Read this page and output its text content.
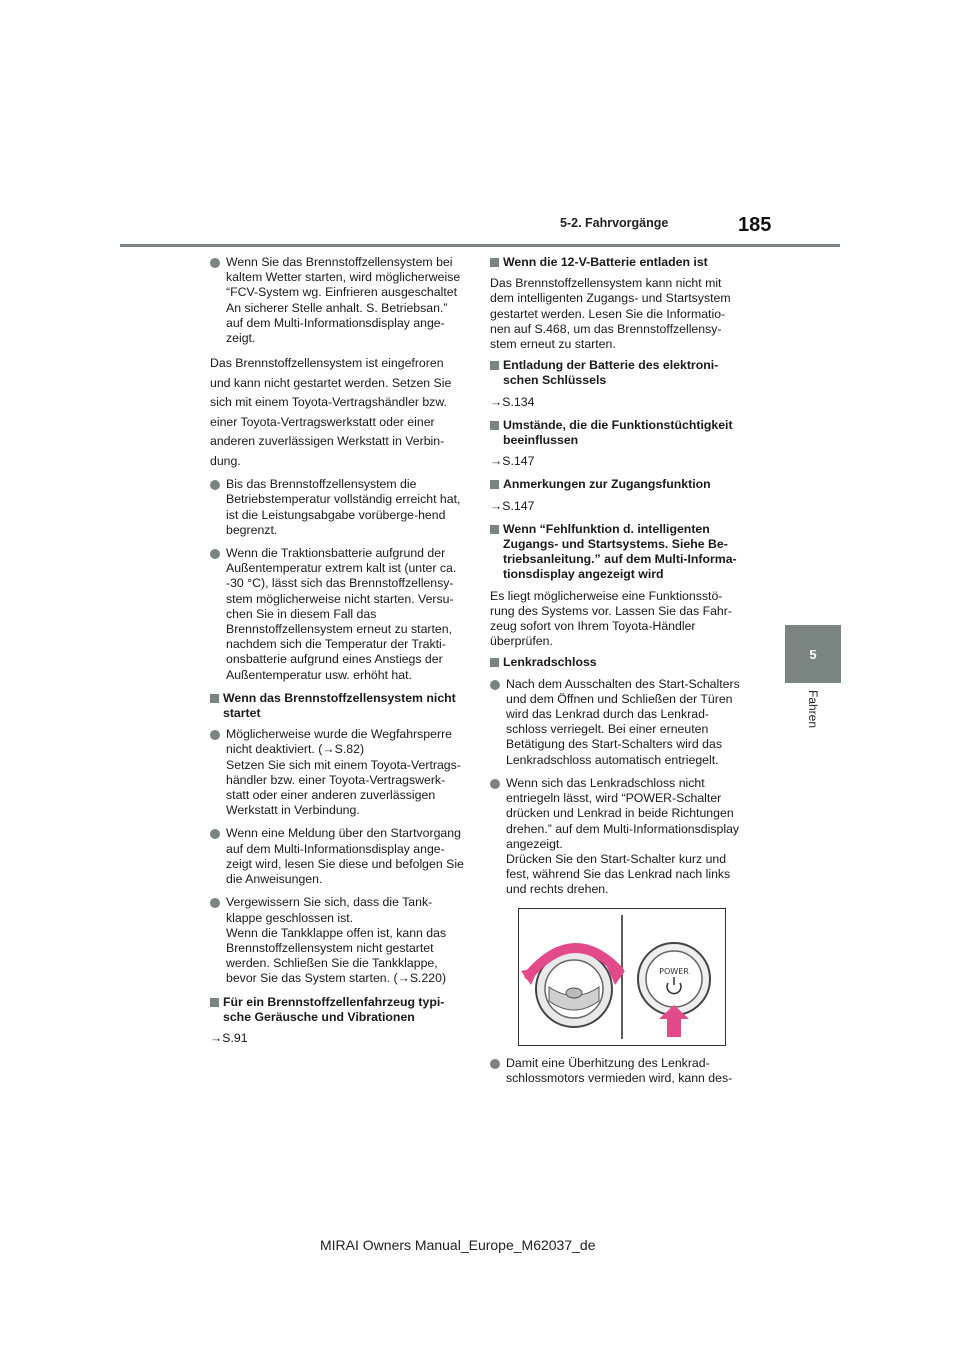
5-2. Fahrvorgänge	185
5
Fahren
Wenn Sie das Brennstoffzellensystem bei kaltem Wetter starten, wird möglicherweise “FCV-System wg. Einfrieren ausgeschaltet An sicherer Stelle anhalt. S. Betriebsan.” auf dem Multi-Informationsdisplay ange-zeigt.

Das Brennstoffzellensystem ist eingefroren und kann nicht gestartet werden. Setzen Sie sich mit einem Toyota-Vertragshändler bzw. einer Toyota-Vertragswerkstatt oder einer anderen zuverlässigen Werkstatt in Verbin-dung.

Bis das Brennstoffzellensystem die Betriebstemperatur vollständig erreicht hat, ist die Leistungsabgabe vorüberge-hend begrenzt.
Wenn die Traktionsbatterie aufgrund der Außentemperatur extrem kalt ist (unter ca. -30 °C), lässt sich das Brennstoffzellensy-stem möglicherweise nicht starten. Versu-chen Sie in diesem Fall das Brennstoffzellensystem erneut zu starten, nachdem sich die Temperatur der Trakti-onsbatterie aufgrund eines Anstiegs der Außentemperatur usw. erhöht hat.
Wenn das Brennstoffzellensystem nicht startet
Möglicherweise wurde die Wegfahrsperre nicht deaktiviert. (→S.82)
Setzen Sie sich mit einem Toyota-Vertrags-händler bzw. einer Toyota-Vertragswerk-statt oder einer anderen zuverlässigen Werkstatt in Verbindung.
Wenn eine Meldung über den Startvorgang auf dem Multi-Informationsdisplay ange-zeigt wird, lesen Sie diese und befolgen Sie die Anweisungen.
Vergewissern Sie sich, dass die Tank-klappe geschlossen ist.
Wenn die Tankklappe offen ist, kann das Brennstoffzellensystem nicht gestartet werden. Schließen Sie die Tankklappe, bevor Sie das System starten. (→S.220)
Für ein Brennstoffzellenfahrzeug typi-sche Geräusche und Vibrationen
→S.91
Wenn die 12-V-Batterie entladen ist

Das Brennstoffzellensystem kann nicht mit dem intelligenten Zugangs- und Startsystem gestartet werden. Lesen Sie die Informatio-nen auf S.468, um das Brennstoffzellensy-stem erneut zu starten.

Entladung der Batterie des elektroni-schen Schlüssels
→S.134
Umstände, die die Funktionstüchtigkeit beeinflussen
→S.147
Anmerkungen zur Zugangsfunktion
→S.147
Wenn “Fehlfunktion d. intelligenten Zugangs- und Startsystems. Siehe Be-triebsanleitung.” auf dem Multi-Informa-tionsdisplay angezeigt wird

Es liegt möglicherweise eine Funktionsstö-rung des Systems vor. Lassen Sie das Fahr-zeug sofort von Ihrem Toyota-Händler überprüfen.

Lenkradschloss
Nach dem Ausschalten des Start-Schalters und dem Öffnen und Schließen der Türen wird das Lenkrad durch das Lenkrad-schloss verriegelt. Bei einer erneuten Betätigung des Start-Schalters wird das Lenkradschloss automatisch entriegelt.
Wenn sich das Lenkradschloss nicht entriegeln lässt, wird “POWER-Schalter drücken und Lenkrad in beide Richtungen drehen.” auf dem Multi-Informationsdisplay angezeigt.
Drücken Sie den Start-Schalter kurz und fest, während Sie das Lenkrad nach links und rechts drehen.
POWER
Damit eine Überhitzung des Lenkrad-schlossmotors vermieden wird, kann des-
MIRAI Owners Manual_Europe_M62037_de
